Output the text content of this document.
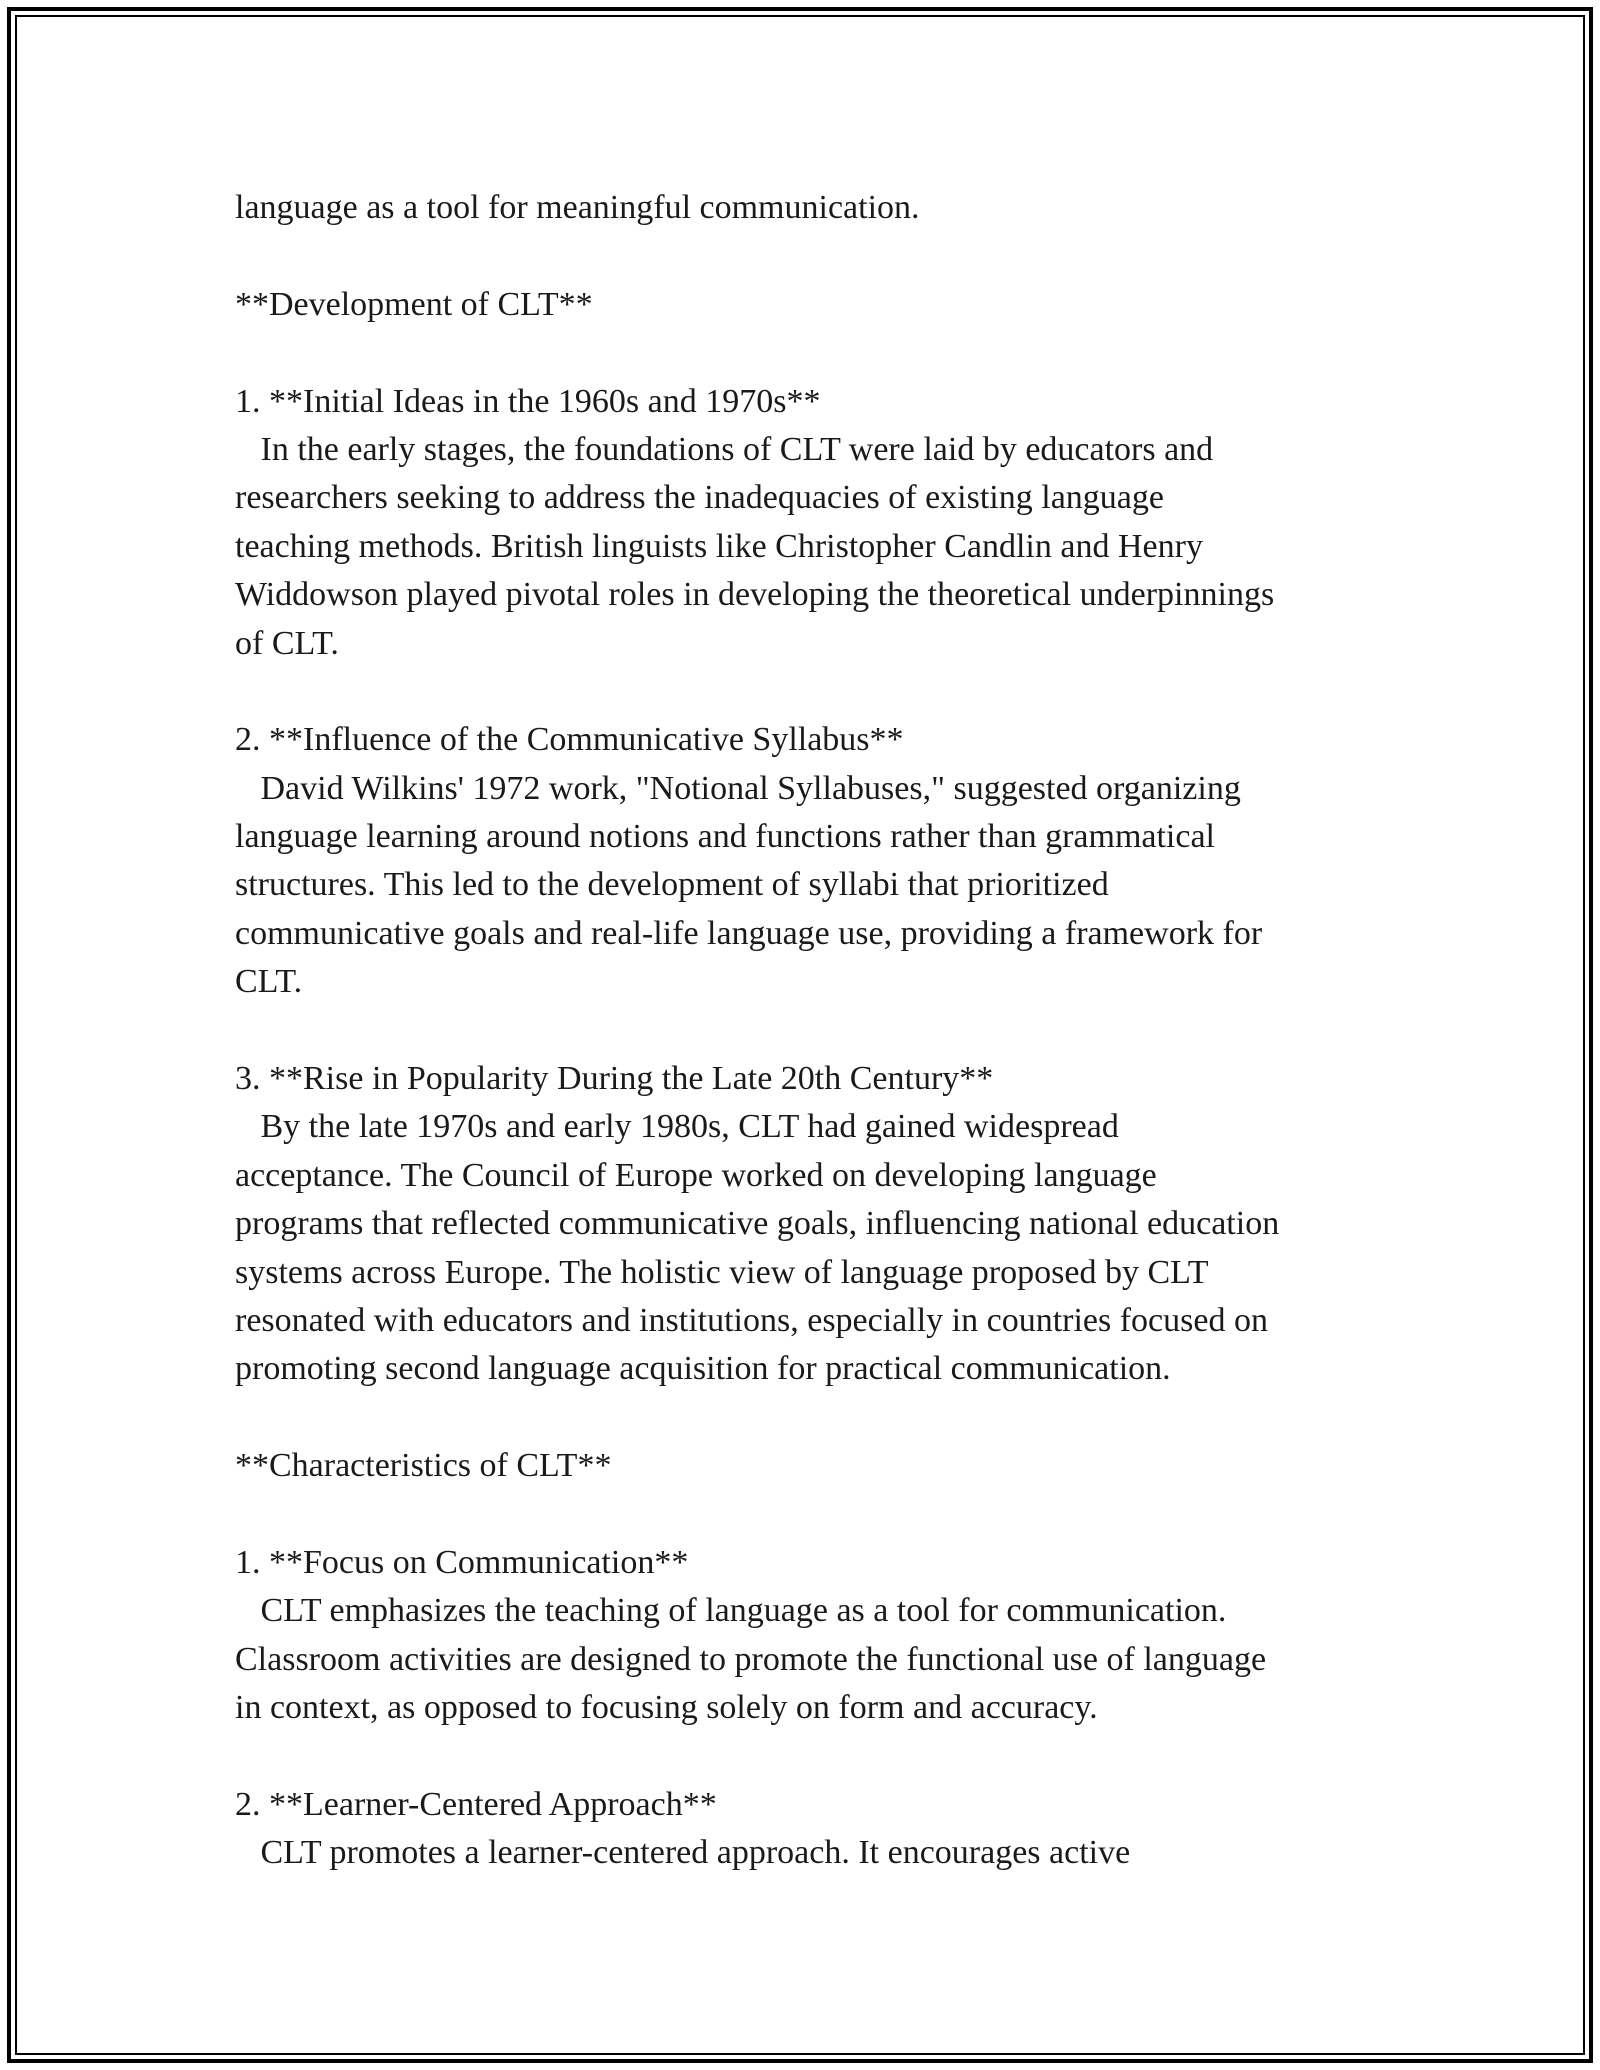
language as a tool for meaningful communication.
**Development of CLT**
1. **Initial Ideas in the 1960s and 1970s**
In the early stages, the foundations of CLT were laid by educators and
researchers seeking to address the inadequacies of existing language
teaching methods. British linguists like Christopher Candlin and Henry
Widdowson played pivotal roles in developing the theoretical underpinnings
of CLT.
2. **Influence of the Communicative Syllabus**
David Wilkins' 1972 work, "Notional Syllabuses," suggested organizing
language learning around notions and functions rather than grammatical
structures. This led to the development of syllabi that prioritized
communicative goals and real-life language use, providing a framework for
CLT.
3. **Rise in Popularity During the Late 20th Century**
By the late 1970s and early 1980s, CLT had gained widespread
acceptance. The Council of Europe worked on developing language
programs that reflected communicative goals, influencing national education
systems across Europe. The holistic view of language proposed by CLT
resonated with educators and institutions, especially in countries focused on
promoting second language acquisition for practical communication.
**Characteristics of CLT**
1. **Focus on Communication**
CLT emphasizes the teaching of language as a tool for communication.
Classroom activities are designed to promote the functional use of language
in context, as opposed to focusing solely on form and accuracy.
2. **Learner-Centered Approach**
CLT promotes a learner-centered approach. It encourages active
